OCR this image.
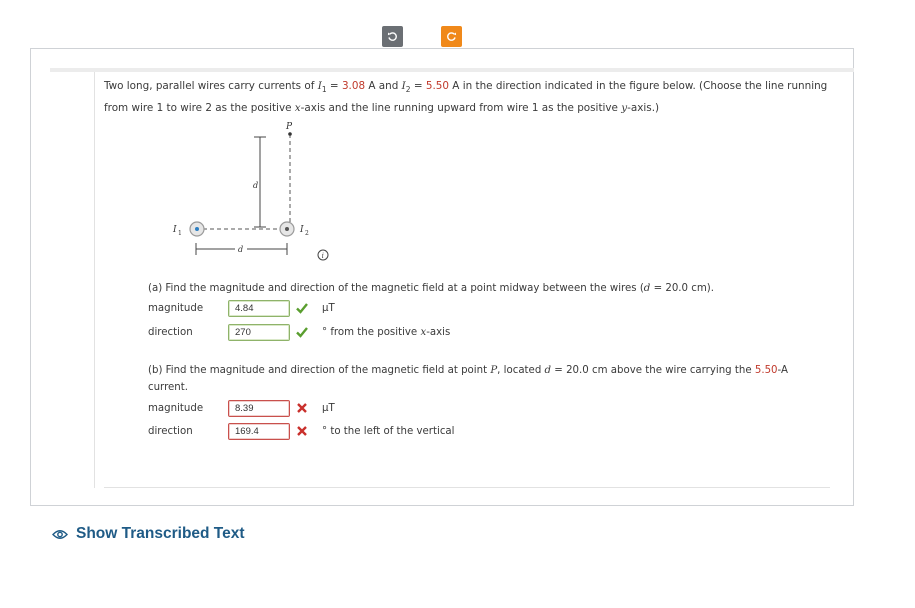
Two long, parallel wires carry currents of $I_1 = 3.08$ A and $I_2 = 5.50$ A in the direction indicated in the figure below. (Choose the line running from wire 1 to wire 2 as the positive x-axis and the line running upward from wire 1 as the positive y-axis.)
P
d
d
I 1	I 2
i
(a) Find the magnitude and direction of the magnetic field at a point midway between the wires (d = 20.0 cm).
magnitude	4.84	µT
direction	270	° from the positive x-axis
(b) Find the magnitude and direction of the magnetic field at point P, located d = 20.0 cm above the wire carrying the 5.50-A current.
magnitude	8.39	µT
direction	169.4	° to the left of the vertical
Show Transcribed Text
